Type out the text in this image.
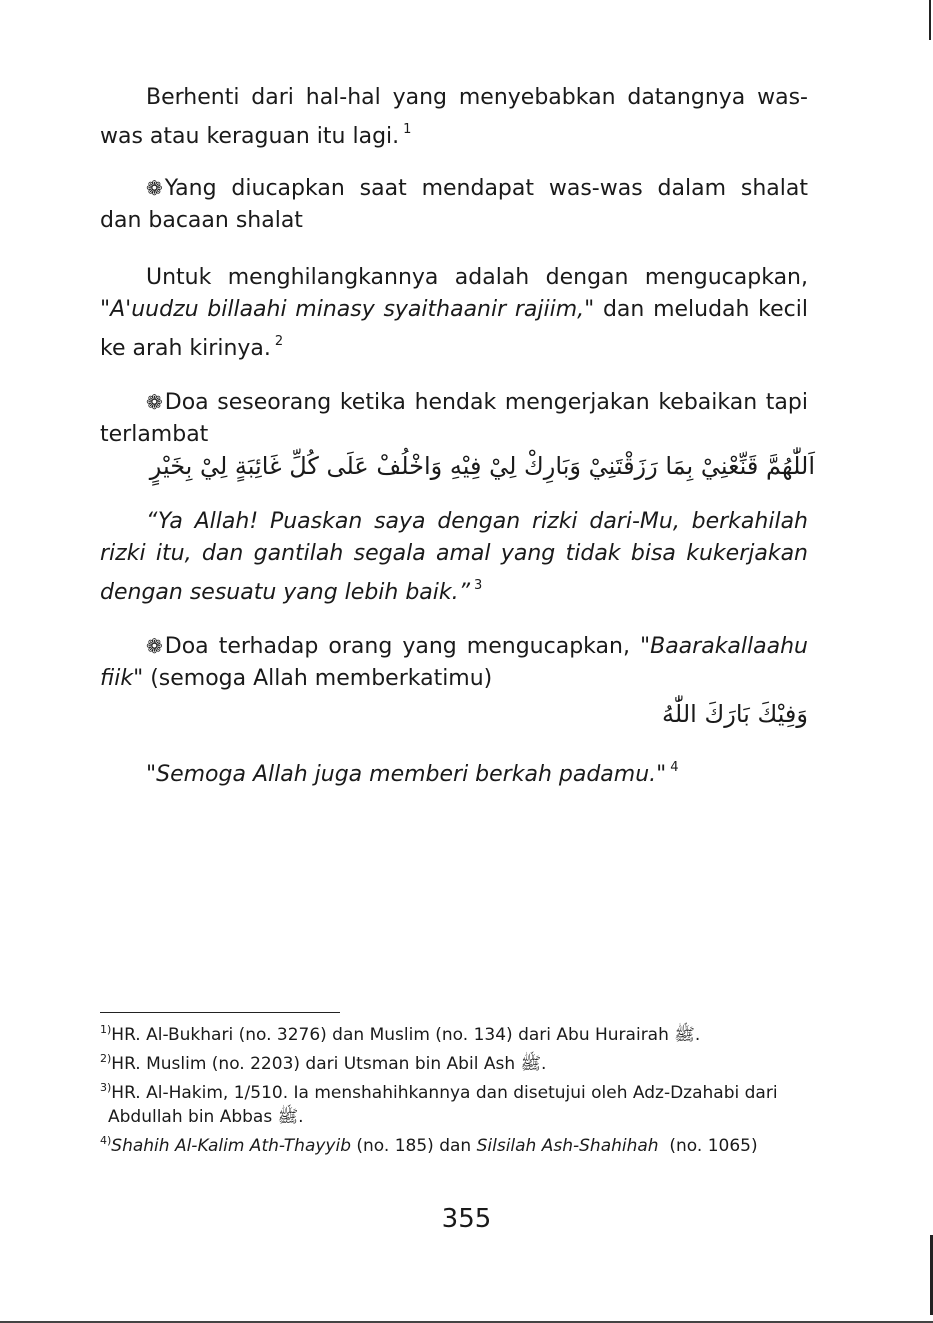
Berhenti dari hal-hal yang menyebabkan datangnya was-was atau keraguan itu lagi. $^1$

❁Yang diucapkan saat mendapat was-was dalam shalat dan bacaan shalat

Untuk menghilangkannya adalah dengan mengucapkan, "A'uudzu billaahi minasy syaithaanir rajiim," dan meludah kecil ke arah kirinya. $^2$

❁Doa seseorang ketika hendak mengerjakan kebaikan tapi terlambat

اَللّٰهُمَّ قَنِّعْنِيْ بِمَا رَزَقْتَنِيْ وَبَارِكْ لِيْ فِيْهِ وَاخْلُفْ عَلَى كُلِّ غَائِبَةٍ لِيْ بِخَيْرٍ

“Ya Allah! Puaskan saya dengan rizki dari-Mu, berkahilah rizki itu, dan gantilah segala amal yang tidak bisa kukerjakan dengan sesuatu yang lebih baik.” $^3$

❁Doa terhadap orang yang mengucapkan, "Baarakallaahu fiik" (semoga Allah memberkatimu)

وَفِيْكَ بَارَكَ اللّٰهُ

"Semoga Allah juga memberi berkah padamu." $^4$

$^{1)}$HR. Al-Bukhari (no. 3276) dan Muslim (no. 134) dari Abu Hurairah ﷺ.
$^{2)}$HR. Muslim (no. 2203) dari Utsman bin Abil Ash ﷺ.
$^{3)}$HR. Al-Hakim, 1/510. Ia menshahihkannya dan disetujui oleh Adz-Dzahabi dari
Abdullah bin Abbas ﷺ.
$^{4)}$Shahih Al-Kalim Ath-Thayyib (no. 185) dan Silsilah Ash-Shahihah  (no. 1065)
355
